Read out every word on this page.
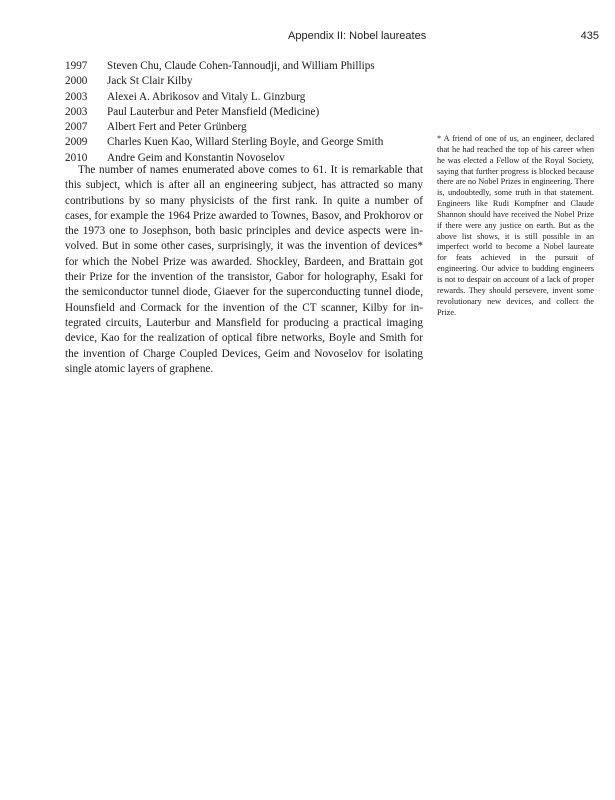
Appendix II: Nobel laureates	435
1997	Steven Chu, Claude Cohen-Tannoudji, and William Phillips
2000	Jack St Clair Kilby
2003	Alexei A. Abrikosov and Vitaly L. Ginzburg
2003	Paul Lauterbur and Peter Mansfield (Medicine)
2007	Albert Fert and Peter Grünberg
2009	Charles Kuen Kao, Willard Sterling Boyle, and George Smith
2010	Andre Geim and Konstantin Novoselov

The number of names enumerated above comes to 61. It is remarkable that this subject, which is after all an engineering subject, has attracted so many contributions by so many physicists of the first rank. In quite a number of cases, for example the 1964 Prize awarded to Townes, Basov, and Prokhorov or the 1973 one to Josephson, both basic principles and device aspects were involved. But in some other cases, surprisingly, it was the invention of devices* for which the Nobel Prize was awarded. Shockley, Bardeen, and Brattain got their Prize for the invention of the transistor, Gabor for holography, Esaki for the semiconductor tunnel diode, Giaever for the superconducting tunnel diode, Hounsfield and Cormack for the invention of the CT scanner, Kilby for integrated circuits, Lauterbur and Mansfield for producing a practical imaging device, Kao for the realization of optical fibre networks, Boyle and Smith for the invention of Charge Coupled Devices, Geim and Novoselov for isolating single atomic layers of graphene.

* A friend of one of us, an engineer, declared that he had reached the top of his career when he was elected a Fellow of the Royal Society, saying that further progress is blocked because there are no Nobel Prizes in engineering. There is, undoubtedly, some truth in that statement. Engineers like Rudi Kompfner and Claude Shannon should have received the Nobel Prize if there were any justice on earth. But as the above list shows, it is still possible in an imperfect world to become a Nobel laureate for feats achieved in the pursuit of engineering. Our advice to budding engineers is not to despair on account of a lack of proper rewards. They should persevere, invent some revolutionary new devices, and collect the Prize.
